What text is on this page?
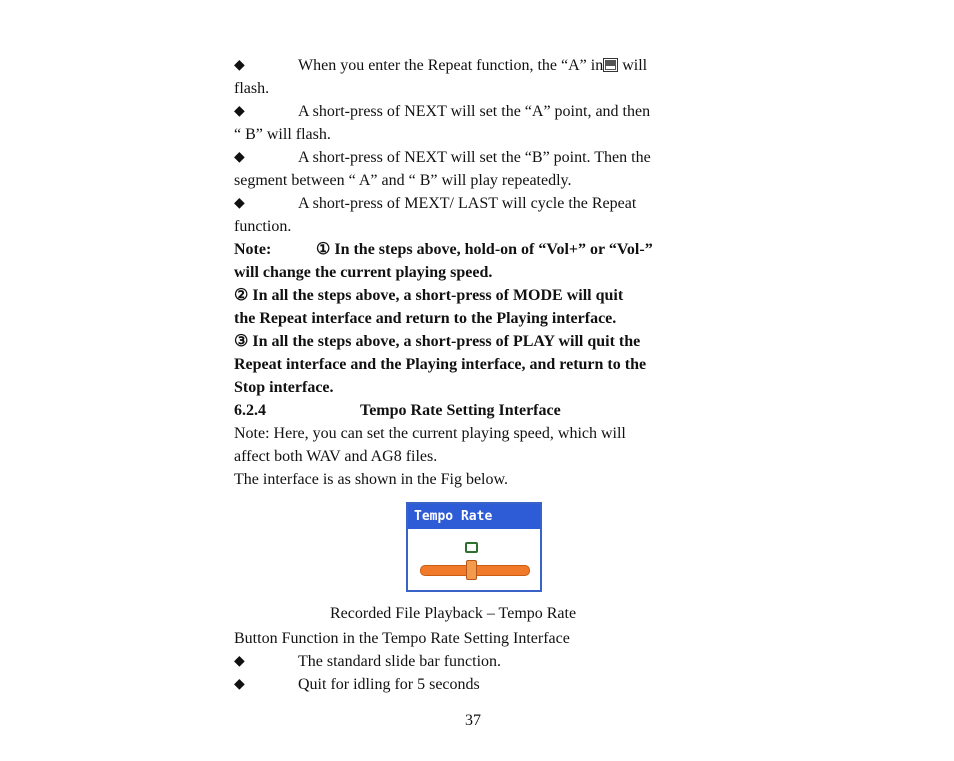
◆	When you enter the Repeat function, the “A” in
will

flash.

◆	A short-press of NEXT will set the “A” point, and then

“ B” will flash.

◆	A short-press of NEXT will set the “B” point. Then the

segment between “ A” and “ B” will play repeatedly.

◆	A short-press of MEXT/ LAST will cycle the Repeat

function.

Note:	① In the steps above, hold-on of “Vol+” or “Vol-”

will change the current playing speed.

② In all the steps above, a short-press of MODE will quit

the Repeat interface and return to the Playing interface.

③ In all the steps above, a short-press of PLAY will quit the

Repeat interface and the Playing interface, and return to the

Stop interface.

6.2.4	Tempo Rate Setting Interface

Note: Here, you can set the current playing speed, which will

affect both WAV and AG8 files.

The interface is as shown in the Fig below.

Tempo Rate
Recorded File Playback – Tempo Rate

Button Function in the Tempo Rate Setting Interface

◆	The standard slide bar function.
◆	Quit for idling for 5 seconds
37
